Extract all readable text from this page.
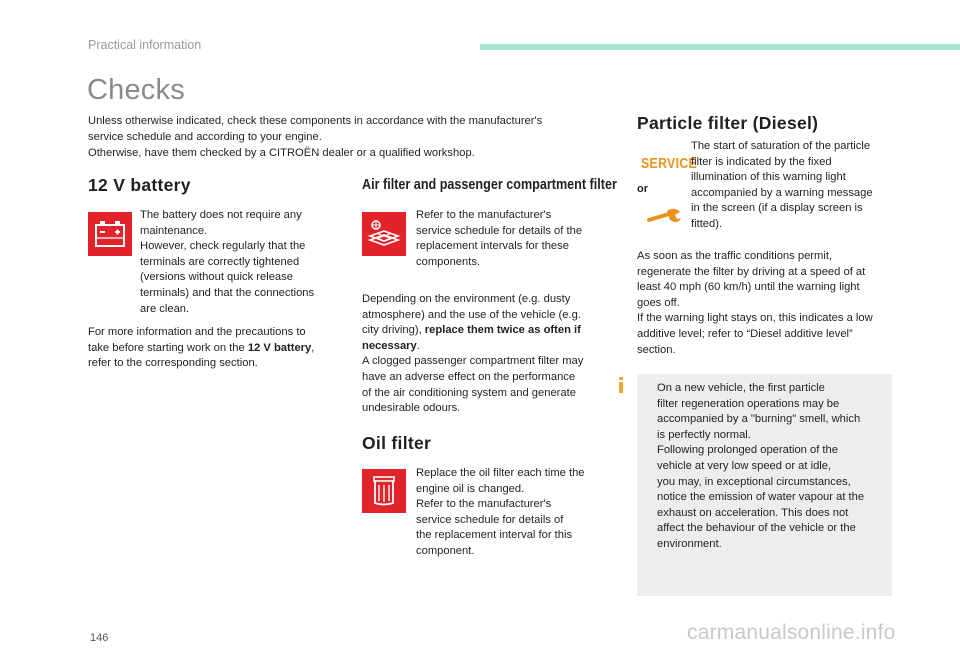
Practical information
Checks
Unless otherwise indicated, check these components in accordance with the manufacturer's
service schedule and according to your engine.
Otherwise, have them checked by a CITROËN dealer or a qualified workshop.
12 V battery
The battery does not require any
maintenance.
However, check regularly that the
terminals are correctly tightened
(versions without quick release
terminals) and that the connections
are clean.
For more information and the precautions to
take before starting work on the 12 V battery,
refer to the corresponding section.
Air filter and passenger compartment filter
Refer to the manufacturer's
service schedule for details of the
replacement intervals for these
components.
Depending on the environment (e.g. dusty
atmosphere) and the use of the vehicle (e.g.
city driving), replace them twice as often if
necessary.
A clogged passenger compartment filter may
have an adverse effect on the performance
of the air conditioning system and generate
undesirable odours.
Oil filter
Replace the oil filter each time the
engine oil is changed.
Refer to the manufacturer's
service schedule for details of
the replacement interval for this
component.
Particle filter (Diesel)
SERVICE
or
The start of saturation of the particle
filter is indicated by the fixed
illumination of this warning light
accompanied by a warning message
in the screen (if a display screen is
fitted).
As soon as the traffic conditions permit,
regenerate the filter by driving at a speed of at
least 40 mph (60 km/h) until the warning light
goes off.
If the warning light stays on, this indicates a low
additive level; refer to “Diesel additive level”
section.
On a new vehicle, the first particle
filter regeneration operations may be
accompanied by a "burning" smell, which
is perfectly normal.
Following prolonged operation of the
vehicle at very low speed or at idle,
you may, in exceptional circumstances,
notice the emission of water vapour at the
exhaust on acceleration. This does not
affect the behaviour of the vehicle or the
environment.
146	carmanualsonline.info
